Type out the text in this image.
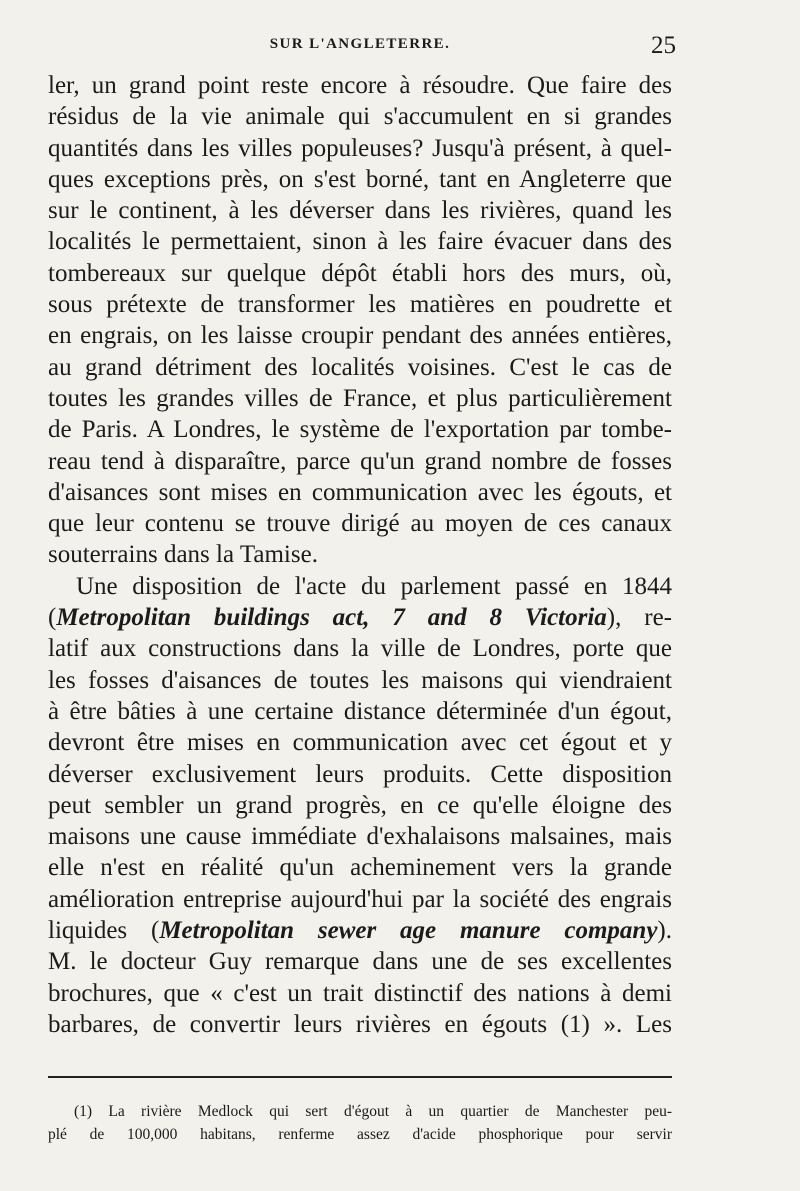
SUR L'ANGLETERRE.	25

ler, un grand point reste encore à résoudre. Que faire des
résidus de la vie animale qui s'accumulent en si grandes
quantités dans les villes populeuses? Jusqu'à présent, à quel-
ques exceptions près, on s'est borné, tant en Angleterre que
sur le continent, à les déverser dans les rivières, quand les
localités le permettaient, sinon à les faire évacuer dans des
tombereaux sur quelque dépôt établi hors des murs, où,
sous prétexte de transformer les matières en poudrette et
en engrais, on les laisse croupir pendant des années entières,
au grand détriment des localités voisines. C'est le cas de
toutes les grandes villes de France, et plus particulièrement
de Paris. A Londres, le système de l'exportation par tombe-
reau tend à disparaître, parce qu'un grand nombre de fosses
d'aisances sont mises en communication avec les égouts, et
que leur contenu se trouve dirigé au moyen de ces canaux
souterrains dans la Tamise.

Une disposition de l'acte du parlement passé en 1844
(Metropolitan buildings act, 7 and 8 Victoria), re-
latif aux constructions dans la ville de Londres, porte que
les fosses d'aisances de toutes les maisons qui viendraient
à être bâties à une certaine distance déterminée d'un égout,
devront être mises en communication avec cet égout et y
déverser exclusivement leurs produits. Cette disposition
peut sembler un grand progrès, en ce qu'elle éloigne des
maisons une cause immédiate d'exhalaisons malsaines, mais
elle n'est en réalité qu'un acheminement vers la grande
amélioration entreprise aujourd'hui par la société des engrais
liquides (Metropolitan sewer age manure company).
M. le docteur Guy remarque dans une de ses excellentes
brochures, que « c'est un trait distinctif des nations à demi
barbares, de convertir leurs rivières en égouts (1) ». Les

(1) La rivière Medlock qui sert d'égout à un quartier de Manchester peu-
plé de 100,000 habitans, renferme assez d'acide phosphorique pour servir
